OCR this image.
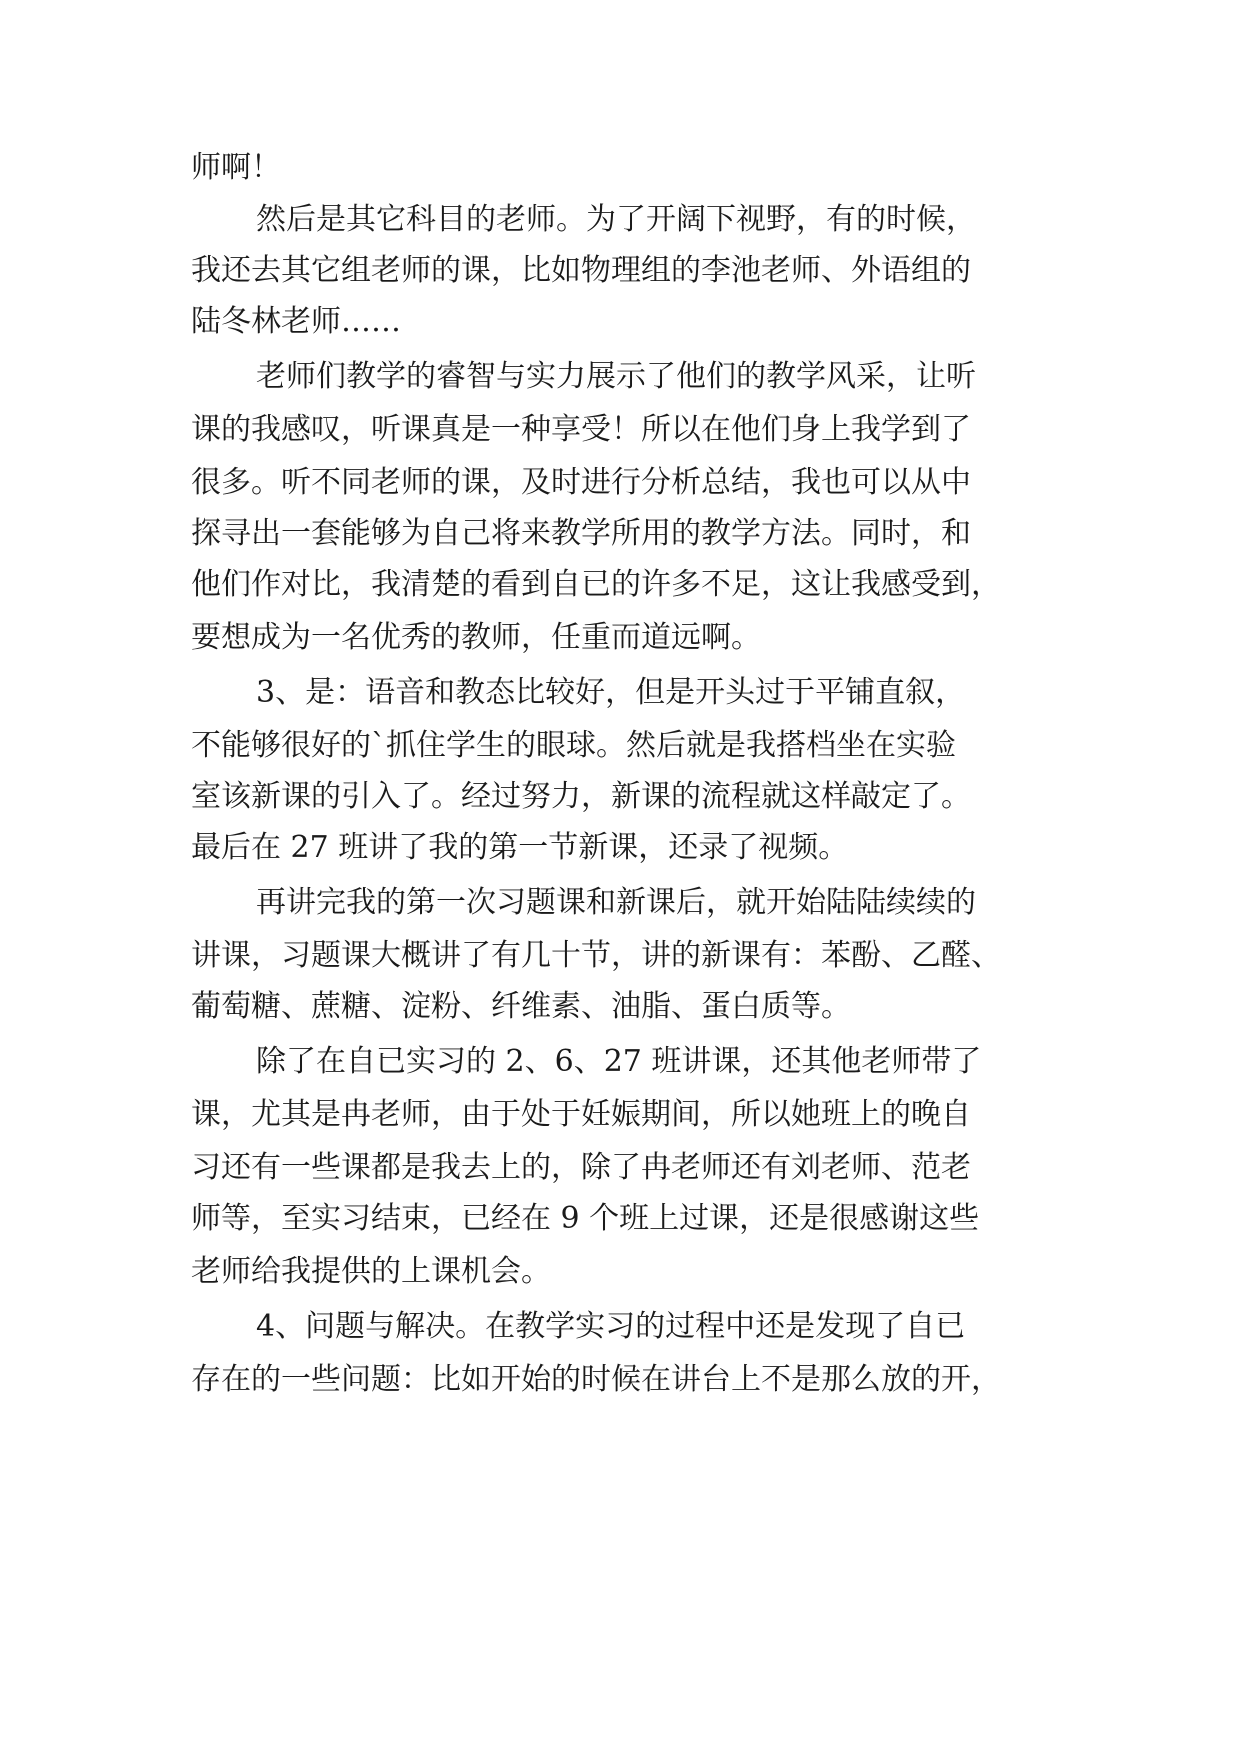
师啊！
然后是其它科目的老师。为了开阔下视野，有的时候，
我还去其它组老师的课，比如物理组的李池老师、外语组的
陆冬林老师……
老师们教学的睿智与实力展示了他们的教学风采，让听
课的我感叹，听课真是一种享受！所以在他们身上我学到了
很多。听不同老师的课，及时进行分析总结，我也可以从中
探寻出一套能够为自己将来教学所用的教学方法。同时，和
他们作对比，我清楚的看到自已的许多不足，这让我感受到，
要想成为一名优秀的教师，任重而道远啊。
3、是：语音和教态比较好，但是开头过于平铺直叙，
不能够很好的`抓住学生的眼球。然后就是我搭档坐在实验
室该新课的引入了。经过努力，新课的流程就这样敲定了。
最后在 27 班讲了我的第一节新课，还录了视频。
再讲完我的第一次习题课和新课后，就开始陆陆续续的
讲课，习题课大概讲了有几十节，讲的新课有：苯酚、乙醛、
葡萄糖、蔗糖、淀粉、纤维素、油脂、蛋白质等。
除了在自已实习的 2、6、27 班讲课，还其他老师带了
课，尤其是冉老师，由于处于妊娠期间，所以她班上的晚自
习还有一些课都是我去上的，除了冉老师还有刘老师、范老
师等，至实习结束，已经在 9 个班上过课，还是很感谢这些
老师给我提供的上课机会。
4、问题与解决。在教学实习的过程中还是发现了自已
存在的一些问题：比如开始的时候在讲台上不是那么放的开，
